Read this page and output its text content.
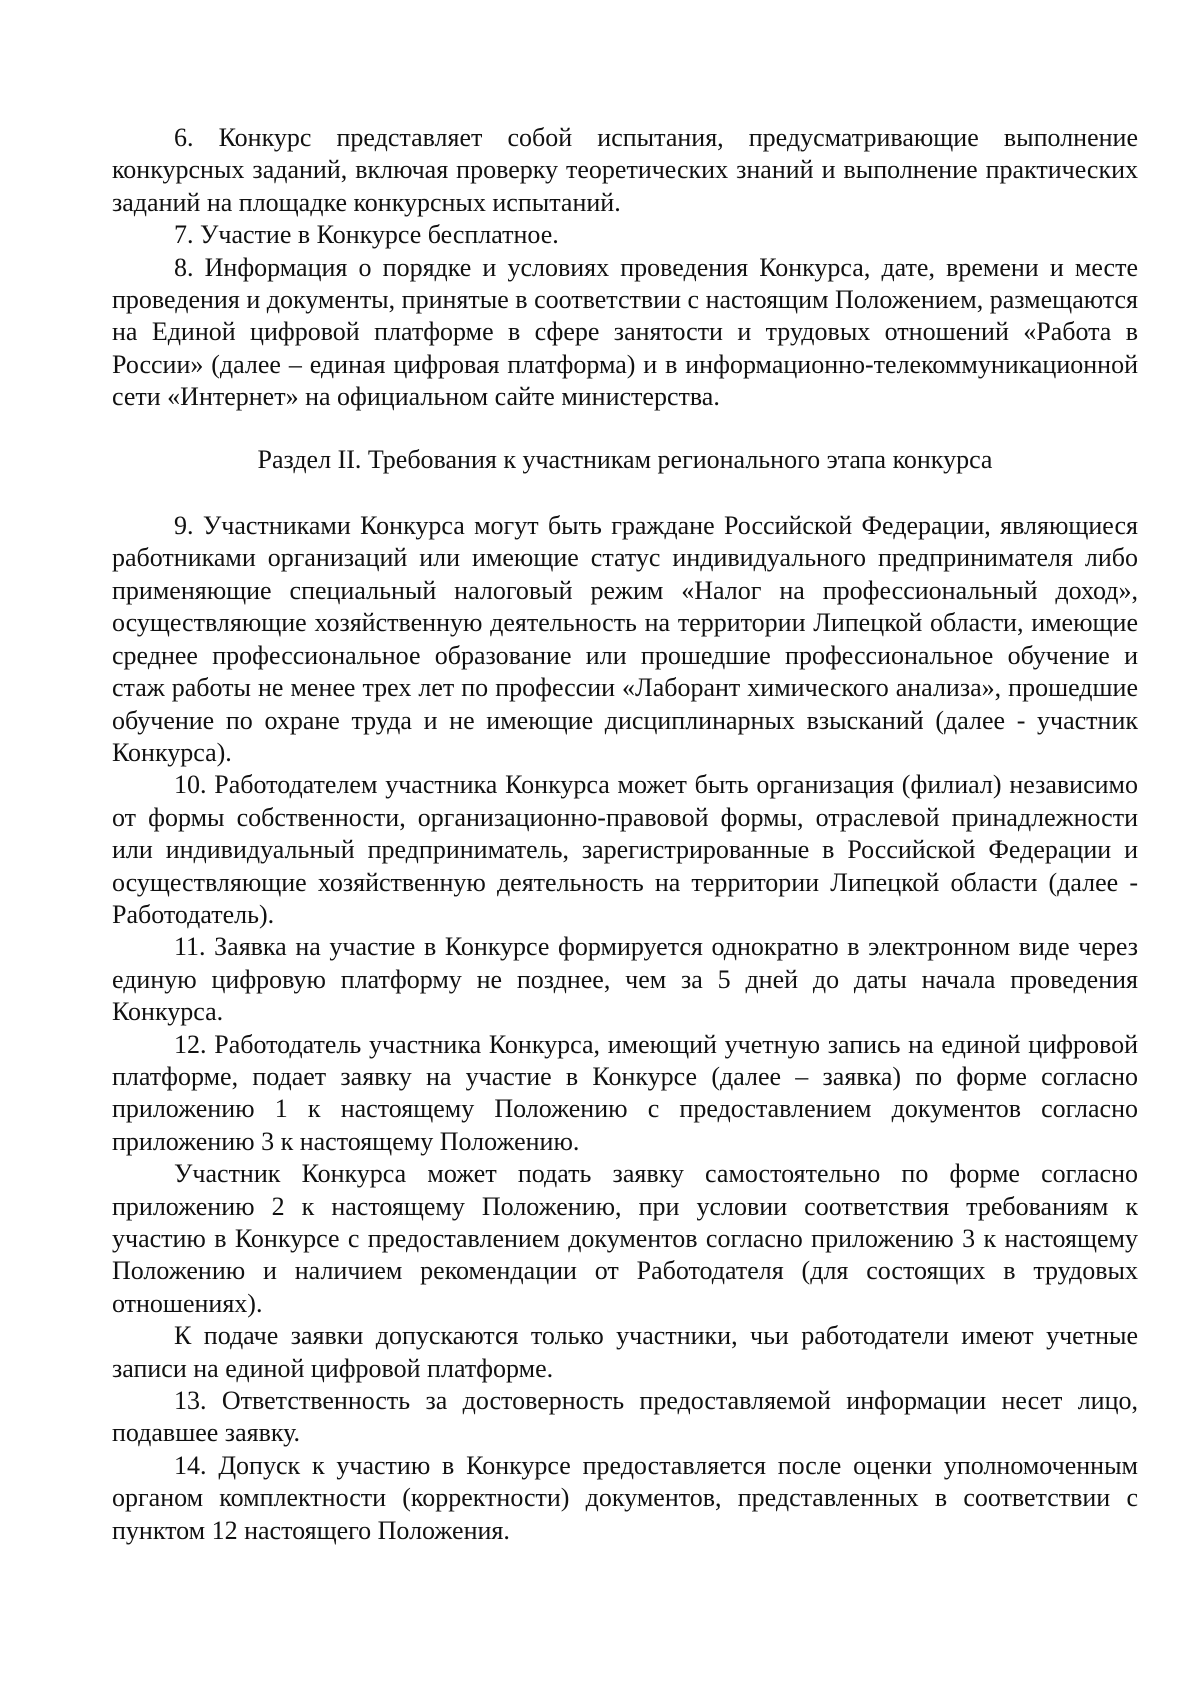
6. Конкурс представляет собой испытания, предусматривающие выполнение конкурсных заданий, включая проверку теоретических знаний и выполнение практических заданий на площадке конкурсных испытаний.

7. Участие в Конкурсе бесплатное.

8. Информация о порядке и условиях проведения Конкурса, дате, времени и месте проведения и документы, принятые в соответствии с настоящим Положением, размещаются на Единой цифровой платформе в сфере занятости и трудовых отношений «Работа в России» (далее – единая цифровая платформа) и в информационно-телекоммуникационной сети «Интернет» на официальном сайте министерства.

Раздел II. Требования к участникам регионального этапа конкурса

9. Участниками Конкурса могут быть граждане Российской Федерации, являющиеся работниками организаций или имеющие статус индивидуального предпринимателя либо применяющие специальный налоговый режим «Налог на профессиональный доход», осуществляющие хозяйственную деятельность на территории Липецкой области, имеющие среднее профессиональное образование или прошедшие профессиональное обучение и стаж работы не менее трех лет по профессии «Лаборант химического анализа», прошедшие обучение по охране труда и не имеющие дисциплинарных взысканий (далее - участник Конкурса).

10. Работодателем участника Конкурса может быть организация (филиал) независимо от формы собственности, организационно-правовой формы, отраслевой принадлежности или индивидуальный предприниматель, зарегистрированные в Российской Федерации и осуществляющие хозяйственную деятельность на территории Липецкой области (далее - Работодатель).

11. Заявка на участие в Конкурсе формируется однократно в электронном виде через единую цифровую платформу не позднее, чем за 5 дней до даты начала проведения Конкурса.

12. Работодатель участника Конкурса, имеющий учетную запись на единой цифровой платформе, подает заявку на участие в Конкурсе (далее – заявка) по форме согласно приложению 1 к настоящему Положению с предоставлением документов согласно приложению 3 к настоящему Положению.

Участник Конкурса может подать заявку самостоятельно по форме согласно приложению 2 к настоящему Положению, при условии соответствия требованиям к участию в Конкурсе с предоставлением документов согласно приложению 3 к настоящему Положению и наличием рекомендации от Работодателя (для состоящих в трудовых отношениях).

К подаче заявки допускаются только участники, чьи работодатели имеют учетные записи на единой цифровой платформе.

13. Ответственность за достоверность предоставляемой информации несет лицо, подавшее заявку.

14. Допуск к участию в Конкурсе предоставляется после оценки уполномоченным органом комплектности (корректности) документов, представленных в соответствии с пунктом 12 настоящего Положения.
